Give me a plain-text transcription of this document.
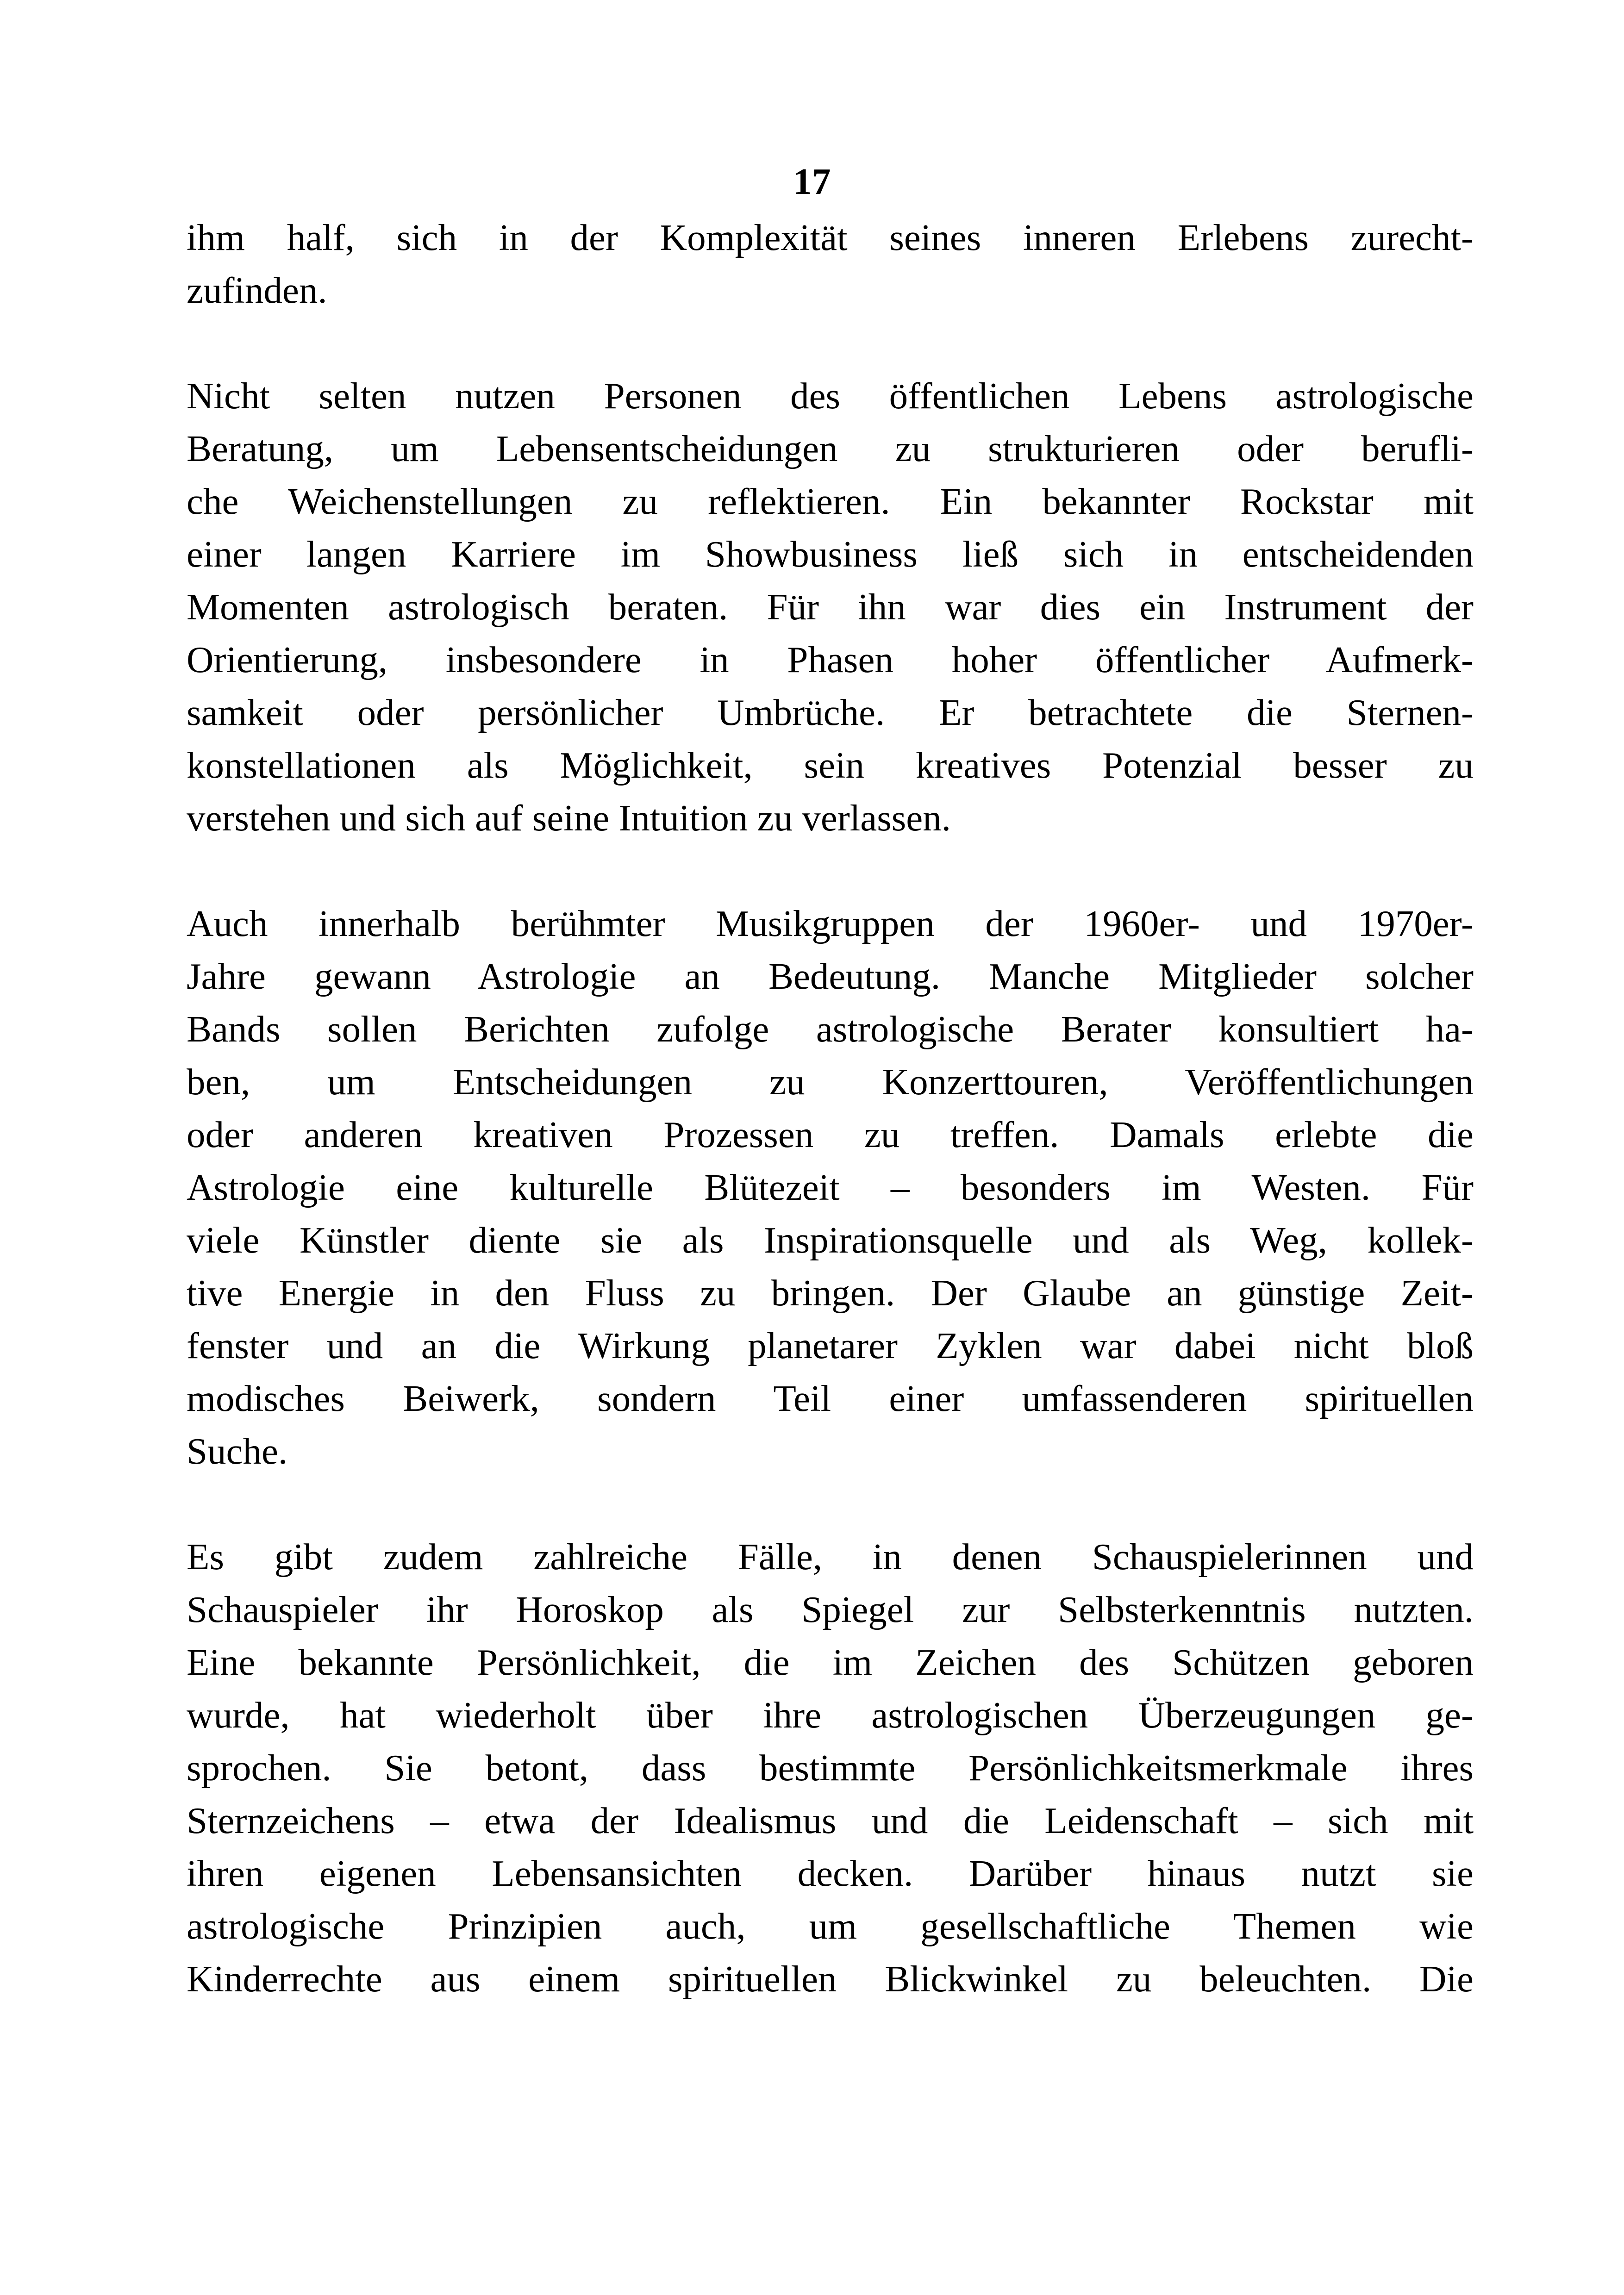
17
ihm half, sich in der Komplexität seines inneren Erlebens zurecht-
zufinden.
Nicht selten nutzen Personen des öffentlichen Lebens astrologische
Beratung, um Lebensentscheidungen zu strukturieren oder berufli-
che Weichenstellungen zu reflektieren. Ein bekannter Rockstar mit
einer langen Karriere im Showbusiness ließ sich in entscheidenden
Momenten astrologisch beraten. Für ihn war dies ein Instrument der
Orientierung, insbesondere in Phasen hoher öffentlicher Aufmerk-
samkeit oder persönlicher Umbrüche. Er betrachtete die Sternen-
konstellationen als Möglichkeit, sein kreatives Potenzial besser zu
verstehen und sich auf seine Intuition zu verlassen.
Auch innerhalb berühmter Musikgruppen der 1960er- und 1970er-
Jahre gewann Astrologie an Bedeutung. Manche Mitglieder solcher
Bands sollen Berichten zufolge astrologische Berater konsultiert ha-
ben, um Entscheidungen zu Konzerttouren, Veröffentlichungen
oder anderen kreativen Prozessen zu treffen. Damals erlebte die
Astrologie eine kulturelle Blütezeit – besonders im Westen. Für
viele Künstler diente sie als Inspirationsquelle und als Weg, kollek-
tive Energie in den Fluss zu bringen. Der Glaube an günstige Zeit-
fenster und an die Wirkung planetarer Zyklen war dabei nicht bloß
modisches Beiwerk, sondern Teil einer umfassenderen spirituellen
Suche.
Es gibt zudem zahlreiche Fälle, in denen Schauspielerinnen und
Schauspieler ihr Horoskop als Spiegel zur Selbsterkenntnis nutzten.
Eine bekannte Persönlichkeit, die im Zeichen des Schützen geboren
wurde, hat wiederholt über ihre astrologischen Überzeugungen ge-
sprochen. Sie betont, dass bestimmte Persönlichkeitsmerkmale ihres
Sternzeichens – etwa der Idealismus und die Leidenschaft – sich mit
ihren eigenen Lebensansichten decken. Darüber hinaus nutzt sie
astrologische Prinzipien auch, um gesellschaftliche Themen wie
Kinderrechte aus einem spirituellen Blickwinkel zu beleuchten. Die
